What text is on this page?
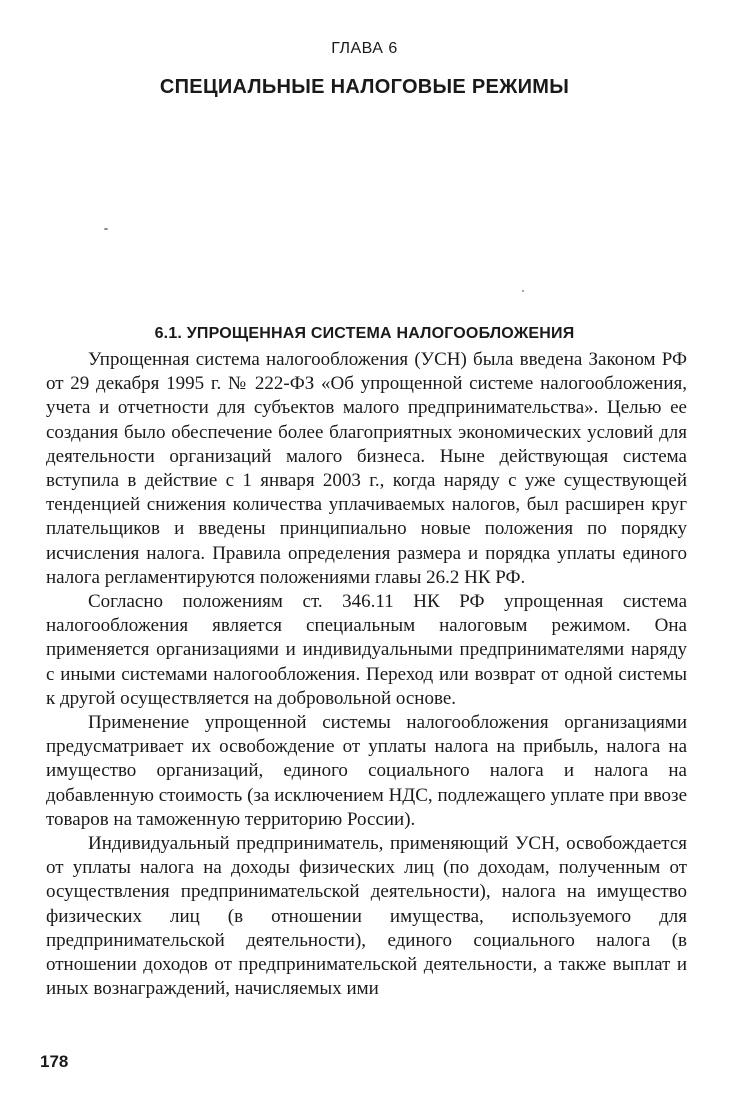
ГЛАВА 6
СПЕЦИАЛЬНЫЕ НАЛОГОВЫЕ РЕЖИМЫ
6.1. УПРОЩЕННАЯ СИСТЕМА НАЛОГООБЛОЖЕНИЯ

Упрощенная система налогообложения (УСН) была введена Законом РФ от 29 декабря 1995 г. № 222-ФЗ «Об упрощенной системе налогообложения, учета и отчетности для субъектов малого предпринимательства». Целью ее создания было обеспечение более благоприятных экономических условий для деятельности организаций малого бизнеса. Ныне действующая система вступила в действие с 1 января 2003 г., когда наряду с уже существующей тенденцией снижения количества уплачиваемых налогов, был расширен круг плательщиков и введены принципиально новые положения по порядку исчисления налога. Правила определения размера и порядка уплаты единого налога регламентируются положениями главы 26.2 НК РФ.

Согласно положениям ст. 346.11 НК РФ упрощенная система налогообложения является специальным налоговым режимом. Она применяется организациями и индивидуальными предпринимателями наряду с иными системами налогообложения. Переход или возврат от одной системы к другой осуществляется на добровольной основе.

Применение упрощенной системы налогообложения организациями предусматривает их освобождение от уплаты налога на прибыль, налога на имущество организаций, единого социального налога и налога на добавленную стоимость (за исключением НДС, подлежащего уплате при ввозе товаров на таможенную территорию России).

Индивидуальный предприниматель, применяющий УСН, освобождается от уплаты налога на доходы физических лиц (по доходам, полученным от осуществления предпринимательской деятельности), налога на имущество физических лиц (в отношении имущества, используемого для предпринимательской деятельности), единого социального налога (в отношении доходов от предпринимательской деятельности, а также выплат и иных вознаграждений, начисляемых ими

178
